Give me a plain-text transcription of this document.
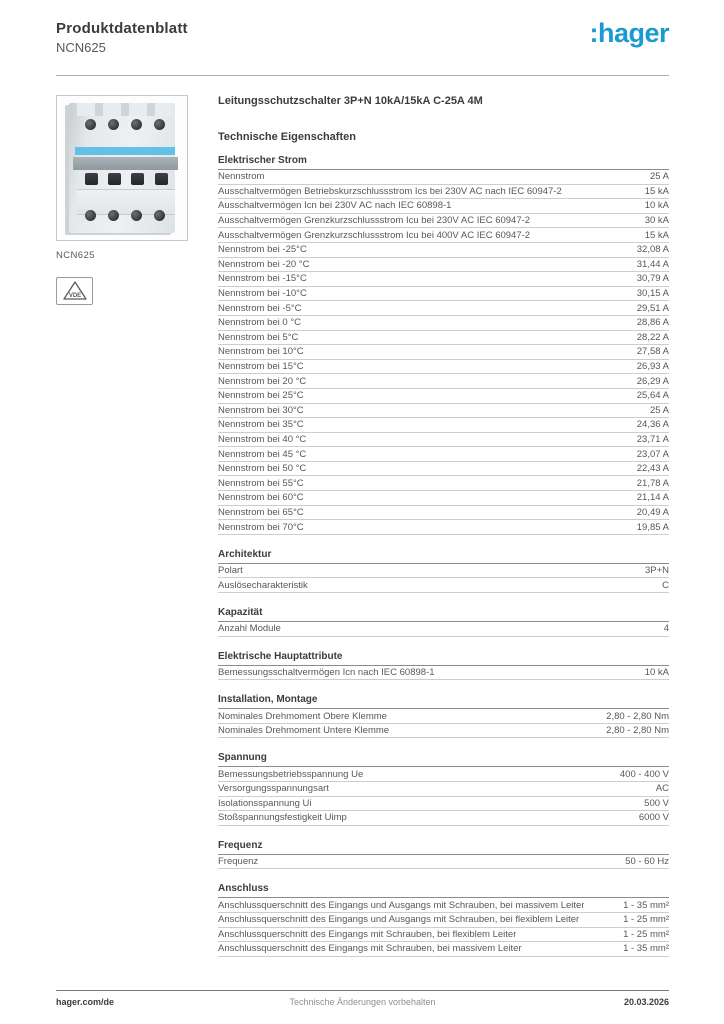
Produktdatenblatt
NCN625	:hager
NCN625
VDE
Leitungsschutzschalter 3P+N 10kA/15kA C-25A 4M
Technische Eigenschaften
Elektrischer Strom
Nennstrom	25 A
Ausschaltvermögen Betriebskurzschlussstrom Ics bei 230V AC nach IEC 60947-2	15 kA
Ausschaltvermögen Icn bei 230V AC nach IEC 60898-1	10 kA
Ausschaltvermögen Grenzkurzschlussstrom Icu bei 230V AC IEC 60947-2	30 kA
Ausschaltvermögen Grenzkurzschlussstrom Icu bei 400V AC IEC 60947-2	15 kA
Nennstrom bei -25°C	32,08 A
Nennstrom bei -20 °C	31,44 A
Nennstrom bei -15°C	30,79 A
Nennstrom bei -10°C	30,15 A
Nennstrom bei -5°C	29,51 A
Nennstrom bei 0 °C	28,86 A
Nennstrom bei 5°C	28,22 A
Nennstrom bei 10°C	27,58 A
Nennstrom bei 15°C	26,93 A
Nennstrom bei 20 °C	26,29 A
Nennstrom bei 25°C	25,64 A
Nennstrom bei 30°C	25 A
Nennstrom bei 35°C	24,36 A
Nennstrom bei 40 °C	23,71 A
Nennstrom bei 45 °C	23,07 A
Nennstrom bei 50 °C	22,43 A
Nennstrom bei 55°C	21,78 A
Nennstrom bei 60°C	21,14 A
Nennstrom bei 65°C	20,49 A
Nennstrom bei 70°C	19,85 A
Architektur
Polart	3P+N
Auslösecharakteristik	C
Kapazität
Anzahl Module	4
Elektrische Hauptattribute
Bemessungsschaltvermögen Icn nach IEC 60898-1	10 kA
Installation, Montage
Nominales Drehmoment Obere Klemme	2,80 - 2,80 Nm
Nominales Drehmoment Untere Klemme	2,80 - 2,80 Nm
Spannung
Bemessungsbetriebsspannung Ue	400 - 400 V
Versorgungsspannungsart	AC
Isolationsspannung Ui	500 V
Stoßspannungsfestigkeit Uimp	6000 V
Frequenz
Frequenz	50 - 60 Hz
Anschluss
Anschlussquerschnitt des Eingangs und Ausgangs mit Schrauben, bei massivem Leiter	1 - 35 mm²
Anschlussquerschnitt des Eingangs und Ausgangs mit Schrauben, bei flexiblem Leiter	1 - 25 mm²
Anschlussquerschnitt des Eingangs mit Schrauben, bei flexiblem Leiter	1 - 25 mm²
Anschlussquerschnitt des Eingangs mit Schrauben, bei massivem Leiter	1 - 35 mm²
hager.com/de	Technische Änderungen vorbehalten	20.03.2026
